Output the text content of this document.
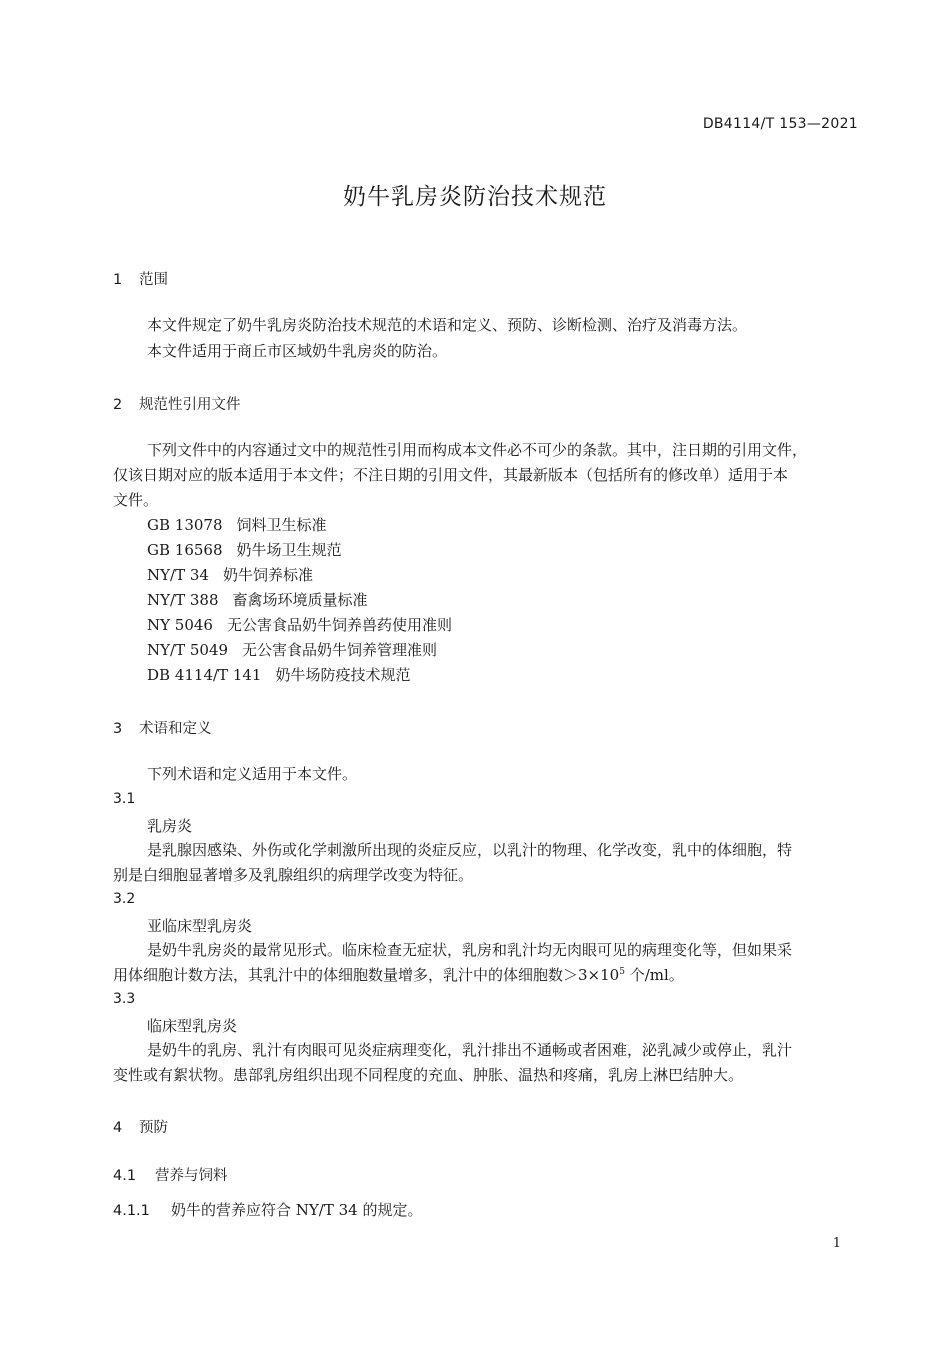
DB4114/T 153—2021
奶牛乳房炎防治技术规范
1 范围
本文件规定了奶牛乳房炎防治技术规范的术语和定义、预防、诊断检测、治疗及消毒方法。
本文件适用于商丘市区域奶牛乳房炎的防治。
2 规范性引用文件
下列文件中的内容通过文中的规范性引用而构成本文件必不可少的条款。其中，注日期的引用文件，
仅该日期对应的版本适用于本文件；不注日期的引用文件，其最新版本（包括所有的修改单）适用于本
文件。
GB 13078 饲料卫生标准
GB 16568 奶牛场卫生规范
NY/T 34 奶牛饲养标准
NY/T 388 畜禽场环境质量标准
NY 5046 无公害食品奶牛饲养兽药使用准则
NY/T 5049 无公害食品奶牛饲养管理准则
DB 4114/T 141 奶牛场防疫技术规范
3 术语和定义
下列术语和定义适用于本文件。
3.1
乳房炎
是乳腺因感染、外伤或化学刺激所出现的炎症反应，以乳汁的物理、化学改变，乳中的体细胞，特
别是白细胞显著增多及乳腺组织的病理学改变为特征。
3.2
亚临床型乳房炎
是奶牛乳房炎的最常见形式。临床检查无症状，乳房和乳汁均无肉眼可见的病理变化等，但如果采
用体细胞计数方法，其乳汁中的体细胞数量增多，乳汁中的体细胞数$>3\times 10^5$ 个/ml。
3.3
临床型乳房炎
是奶牛的乳房、乳汁有肉眼可见炎症病理变化，乳汁排出不通畅或者困难，泌乳减少或停止，乳汁
变性或有絮状物。患部乳房组织出现不同程度的充血、肿胀、温热和疼痛，乳房上淋巴结肿大。
4 预防
4.1 营养与饲料
4.1.1 奶牛的营养应符合 NY/T 34 的规定。
1
